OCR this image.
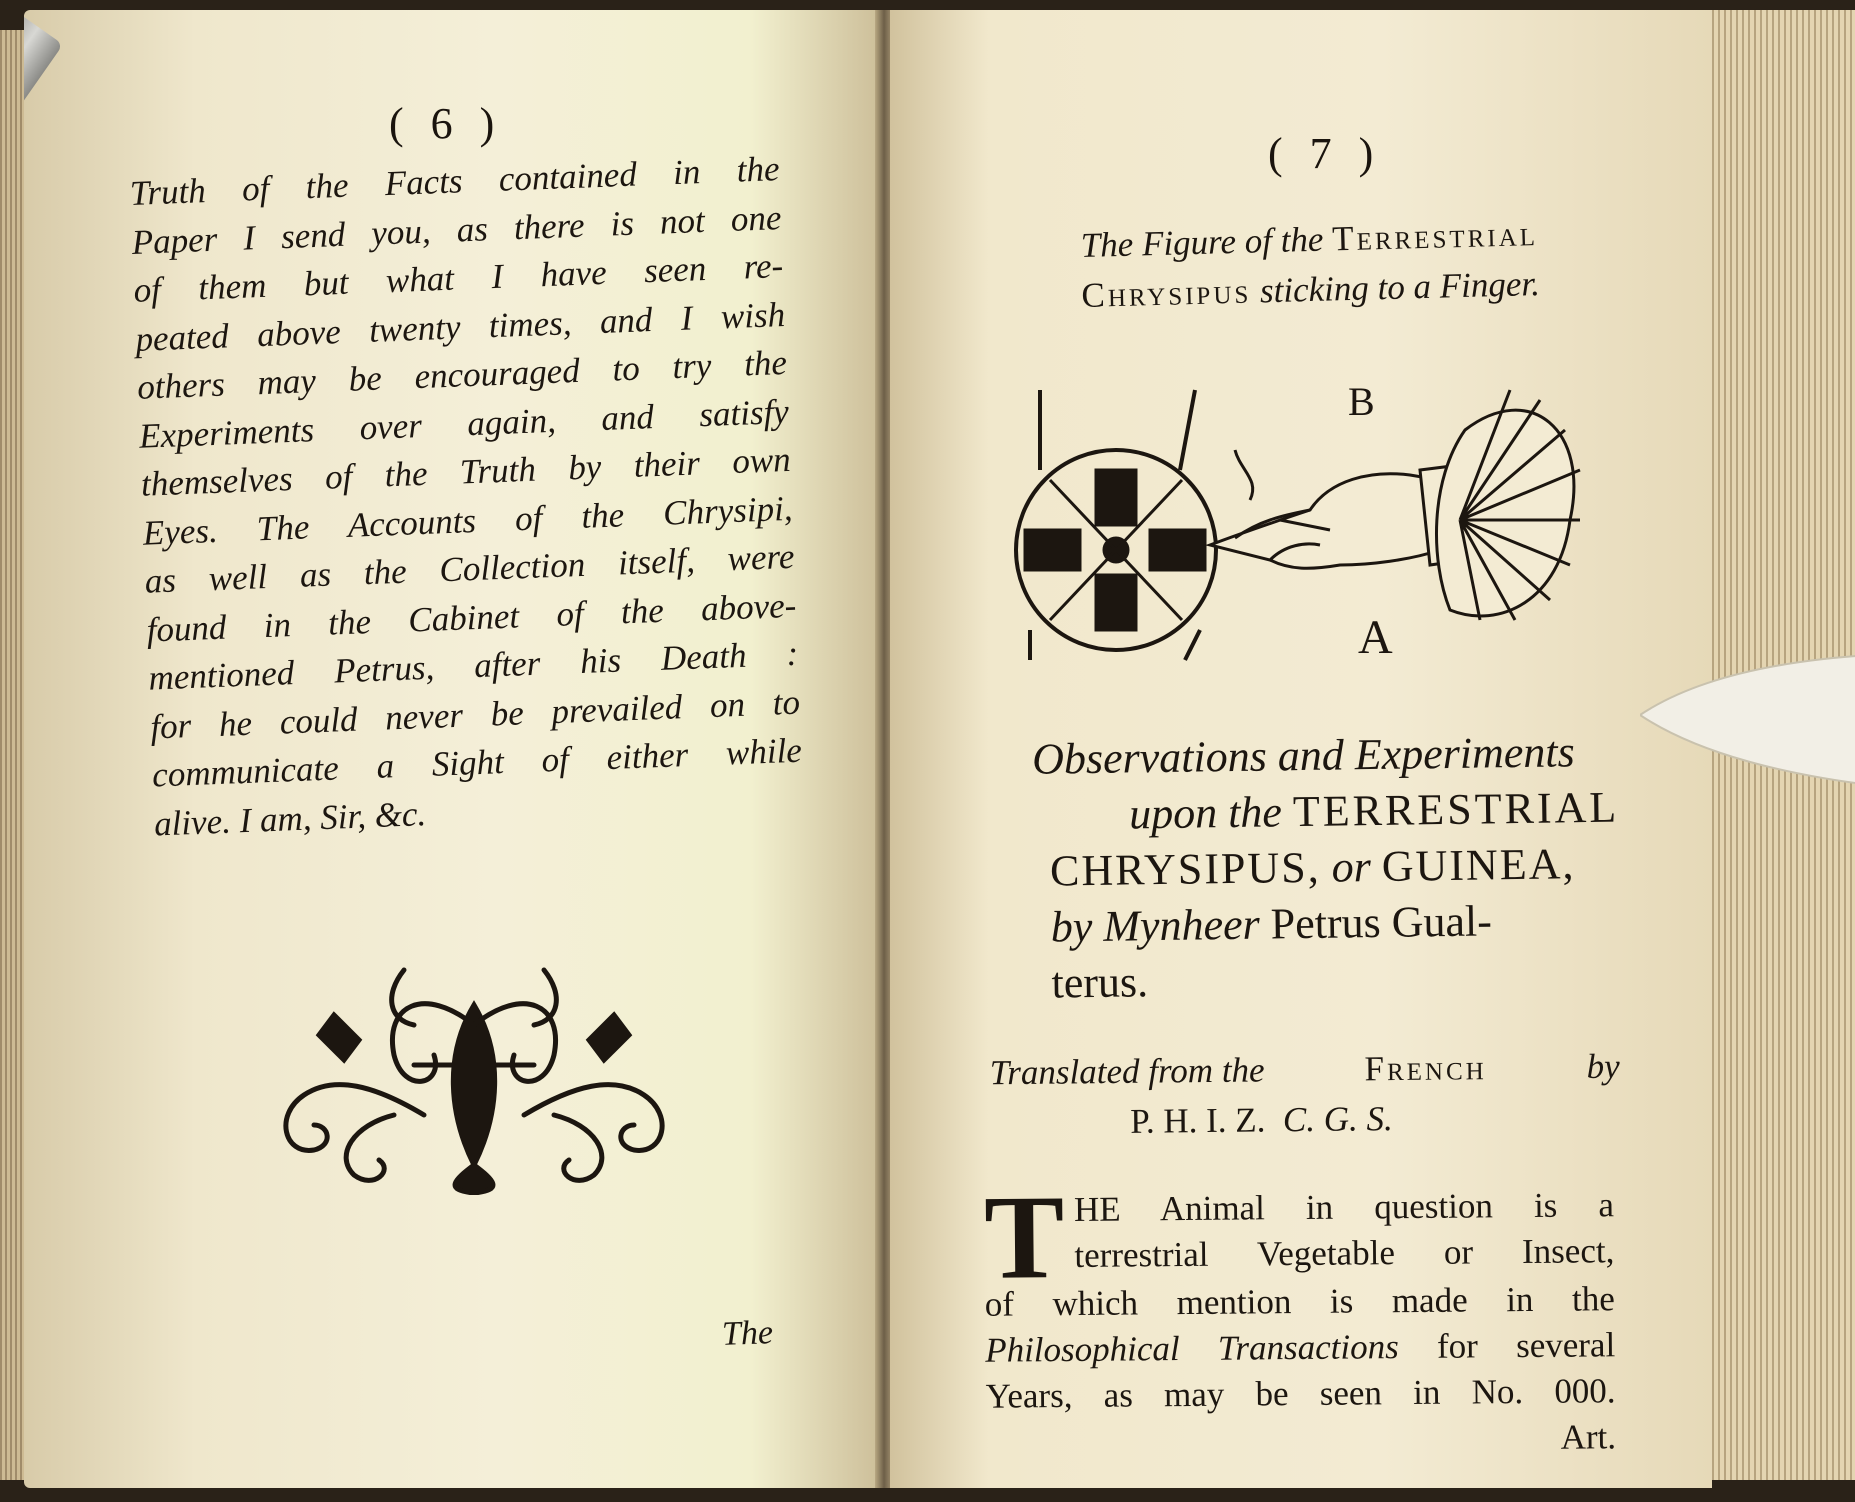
( 6 )
Truth of the Facts contained in the
Paper I send you, as there is not one
of them but what I have seen re-
peated above twenty times, and I wish
others may be encouraged to try the
Experiments over again, and satisfy
themselves of the Truth by their own
Eyes. The Accounts of the Chrysipi,
as well as the Collection itself, were
found in the Cabinet of the above-
mentioned Petrus, after his Death :
for he could never be prevailed on to
communicate a Sight of either while
alive. I am, Sir, &c.
The
( 7 )
The Figure of the Terrestrial
Chrysipus sticking to a Finger.
B
A
Observations and Experiments
upon the TERRESTRIAL
CHRYSIPUS, or GUINEA,
by Mynheer Petrus Gual-
terus.
Translated from the	French	by
P. H. I. Z. C. G. S.
T HE Animal in question is a
terrestrial Vegetable or Insect,
of which mention is made in the
Philosophical Transactions for several
Years, as may be seen in No. 000.
Art.
